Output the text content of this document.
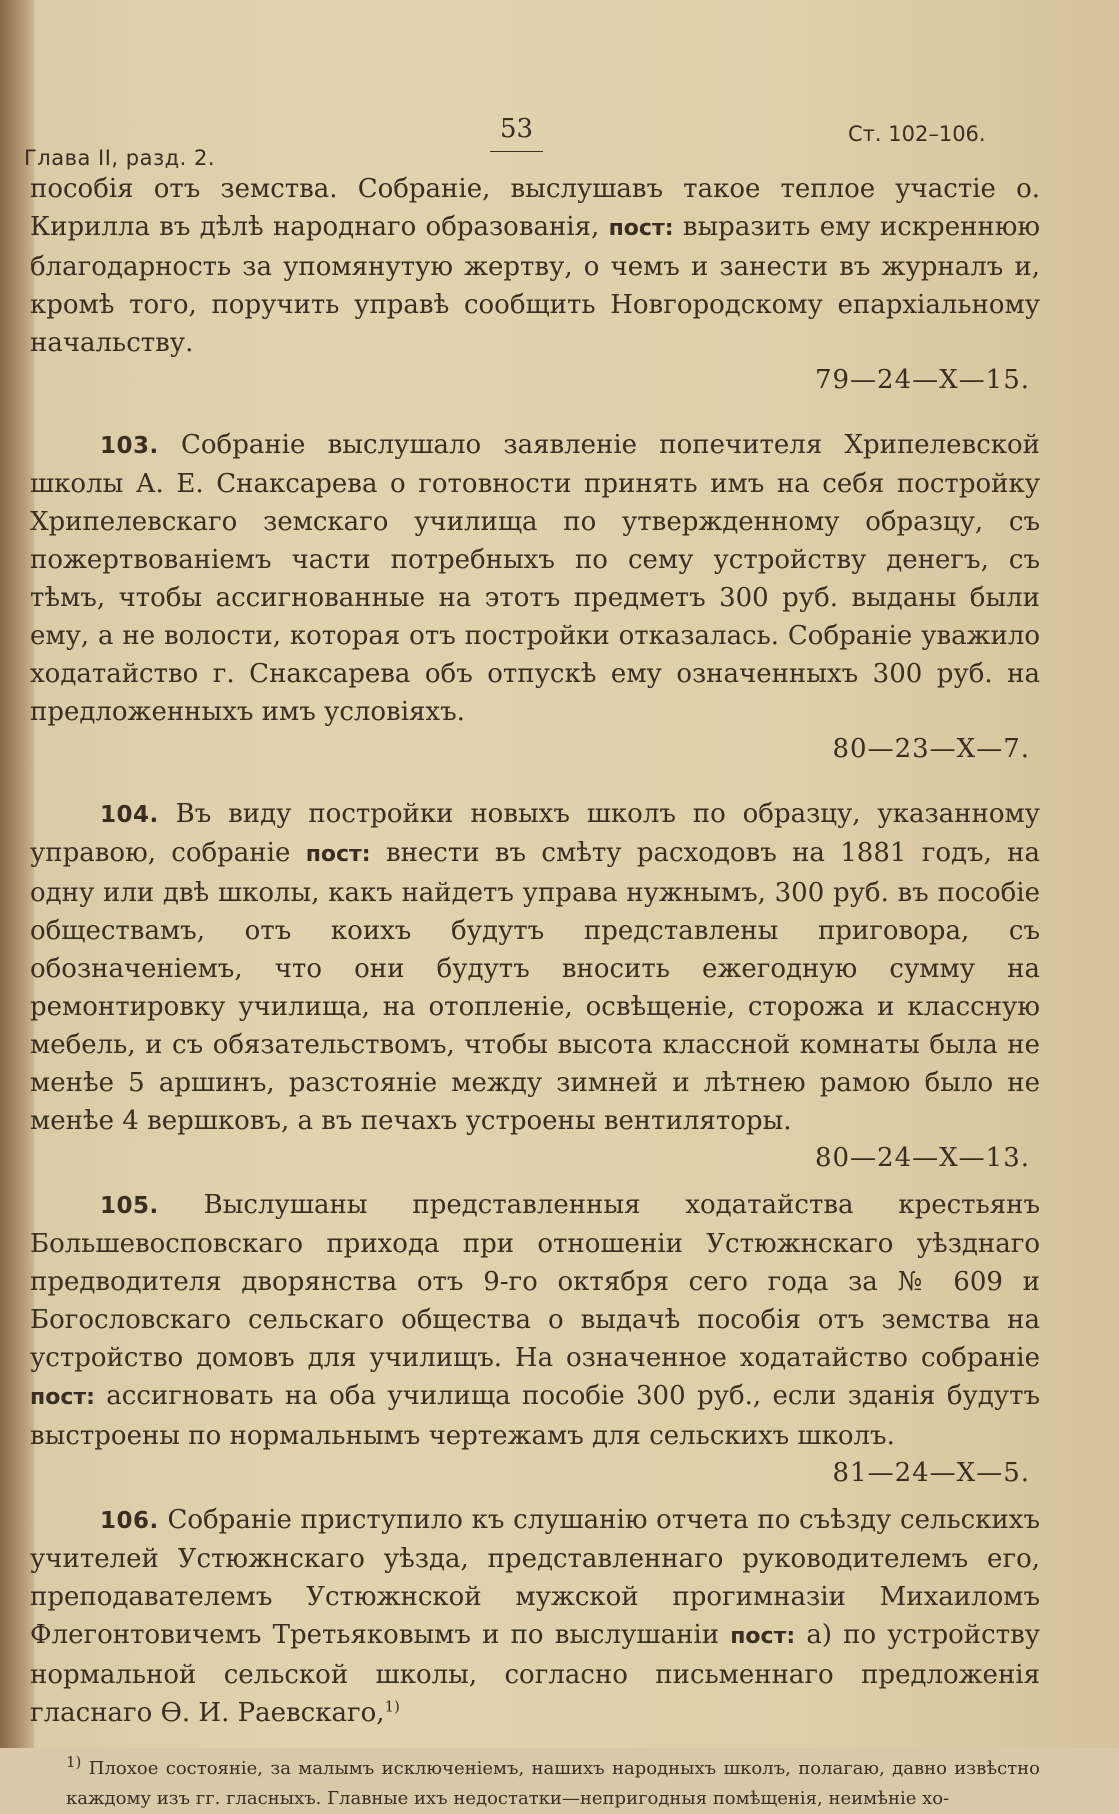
Глава II, разд. 2.
53	Ст. 102–106.

пособія отъ земства. Собраніе, выслушавъ такое теплое участіе о. Кирилла въ дѣлѣ народнаго образованія, пост: выразить ему искреннюю благодарность за упомянутую жертву, о чемъ и занести въ журналъ и, кромѣ того, поручить управѣ сообщить Новгородскому епархіальному начальству.

79—24—X—15.

103. Собраніе выслушало заявленіе попечителя Хрипелевской школы А. Е. Снаксарева о готовности принять имъ на себя постройку Хрипелевскаго земскаго училища по утвержденному образцу, съ пожертвованіемъ части потребныхъ по сему устройству денегъ, съ тѣмъ, чтобы ассигнованные на этотъ предметъ 300 руб. выданы были ему, а не волости, которая отъ постройки отказалась. Собраніе уважило ходатайство г. Снаксарева объ отпускѣ ему означенныхъ 300 руб. на предложенныхъ имъ условіяхъ.

80—23—X—7.

104. Въ виду постройки новыхъ школъ по образцу, указанному управою, собраніе пост: внести въ смѣту расходовъ на 1881 годъ, на одну или двѣ школы, какъ найдетъ управа нужнымъ, 300 руб. въ пособіе обществамъ, отъ коихъ будутъ представлены приговора, съ обозначеніемъ, что они будутъ вносить ежегодную сумму на ремонтировку училища, на отопленіе, освѣщеніе, сторожа и классную мебель, и съ обязательствомъ, чтобы высота классной комнаты была не менѣе 5 аршинъ, разстояніе между зимней и лѣтнею рамою было не менѣе 4 вершковъ, а въ печахъ устроены вентиляторы.

80—24—X—13.

105. Выслушаны представленныя ходатайства крестьянъ Большевосповскаго прихода при отношеніи Устюжнскаго уѣзднаго предводителя дворянства отъ 9-го октября сего года за № 609 и Богословскаго сельскаго общества о выдачѣ пособія отъ земства на устройство домовъ для училищъ. На означенное ходатайство собраніе пост: ассигновать на оба училища пособіе 300 руб., если зданія будутъ выстроены по нормальнымъ чертежамъ для сельскихъ школъ.

81—24—X—5.

106. Собраніе приступило къ слушанію отчета по съѣзду сельскихъ учителей Устюжнскаго уѣзда, представленнаго руководителемъ его, преподавателемъ Устюжнской мужской прогимназіи Михаиломъ Флегонтовичемъ Третьяковымъ и по выслушаніи пост: а) по устройству нормальной сельской школы, согласно письменнаго предложенія гласнаго Ѳ. И. Раевскаго,$^{1)}$

$^{1)}$ Плохое состояніе, за малымъ исключеніемъ, нашихъ народныхъ школъ, полагаю, давно извѣстно каждому изъ гг. гласныхъ. Главные ихъ недостатки—непригодныя помѣщенія, неимѣніе хо-
